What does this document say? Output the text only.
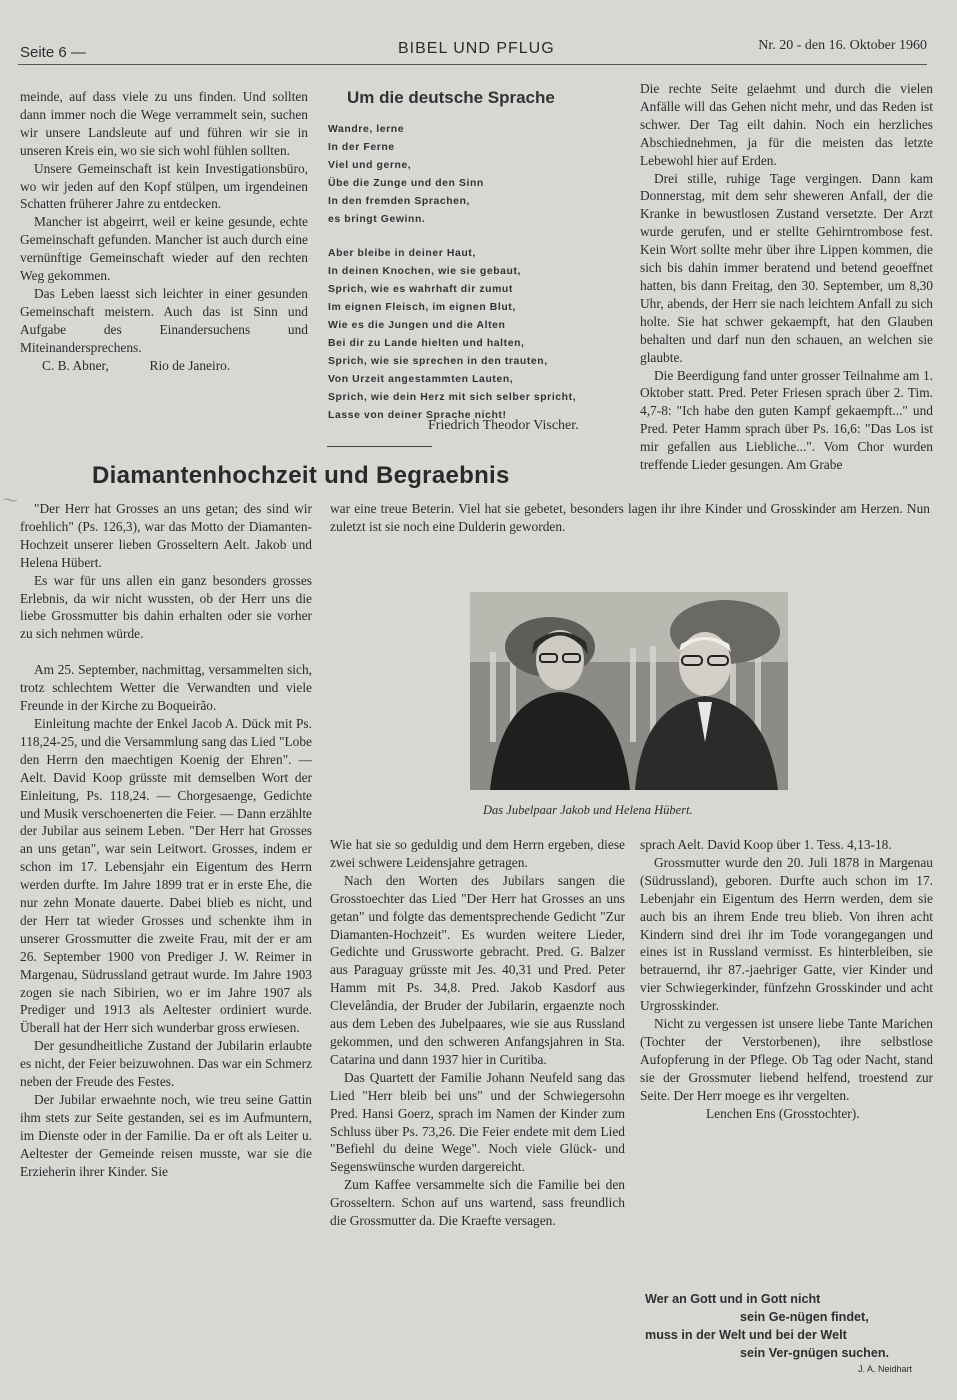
Seite 6 —	BIBEL UND PFLUG	Nr. 20 - den 16. Oktober 1960

meinde, auf dass viele zu uns finden. Und sollten dann immer noch die Wege verrammelt sein, suchen wir unsere Landsleute auf und führen wir sie in unseren Kreis ein, wo sie sich wohl fühlen sollten.

Unsere Gemeinschaft ist kein Investigationsbüro, wo wir jeden auf den Kopf stülpen, um irgendeinen Schatten früherer Jahre zu entdecken.

Mancher ist abgeirrt, weil er keine gesunde, echte Gemeinschaft gefunden. Mancher ist auch durch eine vernünftige Gemeinschaft wieder auf den rechten Weg gekommen.

Das Leben laesst sich leichter in einer gesunden Gemeinschaft meistern. Auch das ist Sinn und Aufgabe des Einandersuchens und Miteinandersprechens.

C. B. Abner,	Rio de Janeiro.

Um die deutsche Sprache
Wandre, lerne
In der Ferne
Viel und gerne,
Übe die Zunge und den Sinn
In den fremden Sprachen,
es bringt Gewinn.
Aber bleibe in deiner Haut,
In deinen Knochen, wie sie gebaut,
Sprich, wie es wahrhaft dir zumut
Im eignen Fleisch, im eignen Blut,
Wie es die Jungen und die Alten
Bei dir zu Lande hielten und halten,
Sprich, wie sie sprechen in den trauten,
Von Urzeit angestammten Lauten,
Sprich, wie dein Herz mit sich selber spricht,
Lasse von deiner Sprache nicht!
Friedrich Theodor Vischer.

Die rechte Seite gelaehmt und durch die vielen Anfälle will das Gehen nicht mehr, und das Reden ist schwer. Der Tag eilt dahin. Noch ein herzliches Abschiednehmen, ja für die meisten das letzte Lebewohl hier auf Erden.

Drei stille, ruhige Tage vergingen. Dann kam Donnerstag, mit dem sehr sheweren Anfall, der die Kranke in bewustlosen Zustand versetzte. Der Arzt wurde gerufen, und er stellte Gehirntrombose fest. Kein Wort sollte mehr über ihre Lippen kommen, die sich bis dahin immer beratend und betend geoeffnet hatten, bis dann Freitag, den 30. September, um 8,30 Uhr, abends, der Herr sie nach leichtem Anfall zu sich holte. Sie hat schwer gekaempft, hat den Glauben behalten und darf nun den schauen, an welchen sie glaubte.

Die Beerdigung fand unter grosser Teilnahme am 1. Oktober statt. Pred. Peter Friesen sprach über 2. Tim. 4,7-8: "Ich habe den guten Kampf gekaempft..." und Pred. Peter Hamm sprach über Ps. 16,6: "Das Los ist mir gefallen aus Liebliche...". Vom Chor wurden treffende Lieder gesungen. Am Grabe

〜
Diamantenhochzeit und Begraebnis

"Der Herr hat Grosses an uns getan; des sind wir froehlich" (Ps. 126,3), war das Motto der Diamanten-Hochzeit unserer lieben Grosseltern Aelt. Jakob und Helena Hübert.

Es war für uns allen ein ganz besonders grosses Erlebnis, da wir nicht wussten, ob der Herr uns die liebe Grossmutter bis dahin erhalten oder sie vorher zu sich nehmen würde.

Am 25. September, nachmittag, versammelten sich, trotz schlechtem Wetter die Verwandten und viele Freunde in der Kirche zu Boqueirão.

Einleitung machte der Enkel Jacob A. Dück mit Ps. 118,24-25, und die Versammlung sang das Lied "Lobe den Herrn den maechtigen Koenig der Ehren". — Aelt. David Koop grüsste mit demselben Wort der Einleitung, Ps. 118,24. — Chorgesaenge, Gedichte und Musik verschoenerten die Feier. — Dann erzählte der Jubilar aus seinem Leben. "Der Herr hat Grosses an uns getan", war sein Leitwort. Grosses, indem er schon im 17. Lebensjahr ein Eigentum des Herrn werden durfte. Im Jahre 1899 trat er in erste Ehe, die nur zehn Monate dauerte. Dabei blieb es nicht, und der Herr tat wieder Grosses und schenkte ihm in unserer Grossmutter die zweite Frau, mit der er am 26. September 1900 von Prediger J. W. Reimer in Margenau, Südrussland getraut wurde. Im Jahre 1903 zogen sie nach Sibirien, wo er im Jahre 1907 als Prediger und 1913 als Aeltester ordiniert wurde. Überall hat der Herr sich wunderbar gross erwiesen.

Der gesundheitliche Zustand der Jubilarin erlaubte es nicht, der Feier beizuwohnen. Das war ein Schmerz neben der Freude des Festes.

Der Jubilar erwaehnte noch, wie treu seine Gattin ihm stets zur Seite gestanden, sei es im Aufmuntern, im Dienste oder in der Familie. Da er oft als Leiter u. Aeltester der Gemeinde reisen musste, war sie die Erzieherin ihrer Kinder. Sie

war eine treue Beterin. Viel hat sie gebetet, besonders lagen ihr ihre Kinder und Grosskinder am Herzen. Nun zuletzt ist sie noch eine Dulderin geworden.

Das Jubelpaar Jakob und Helena Hübert.

Wie hat sie so geduldig und dem Herrn ergeben, diese zwei schwere Leidensjahre getragen.

Nach den Worten des Jubilars sangen die Grosstoechter das Lied "Der Herr hat Grosses an uns getan" und folgte das dementsprechende Gedicht "Zur Diamanten-Hochzeit". Es wurden weitere Lieder, Gedichte und Grussworte gebracht. Pred. G. Balzer aus Paraguay grüsste mit Jes. 40,31 und Pred. Peter Hamm mit Ps. 34,8. Pred. Jakob Kasdorf aus Clevelândia, der Bruder der Jubilarin, ergaenzte noch aus dem Leben des Jubelpaares, wie sie aus Russland gekommen, und den schweren Anfangsjahren in Sta. Catarina und dann 1937 hier in Curitiba.

Das Quartett der Familie Johann Neufeld sang das Lied "Herr bleib bei uns" und der Schwiegersohn Pred. Hansi Goerz, sprach im Namen der Kinder zum Schluss über Ps. 73,26. Die Feier endete mit dem Lied "Befiehl du deine Wege". Noch viele Glück- und Segenswünsche wurden dargereicht.

Zum Kaffee versammelte sich die Familie bei den Grosseltern. Schon auf uns wartend, sass freundlich die Grossmutter da. Die Kraefte versagen.

sprach Aelt. David Koop über 1. Tess. 4,13-18.

Grossmutter wurde den 20. Juli 1878 in Margenau (Südrussland), geboren. Durfte auch schon im 17. Lebenjahr ein Eigentum des Herrn werden, dem sie auch bis an ihrem Ende treu blieb. Von ihren acht Kindern sind drei ihr im Tode vorangegangen und eines ist in Russland vermisst. Es hinterbleiben, sie betrauernd, ihr 87.-jaehriger Gatte, vier Kinder und vier Schwiegerkinder, fünfzehn Grosskinder und acht Urgrosskinder.

Nicht zu vergessen ist unsere liebe Tante Marichen (Tochter der Verstorbenen), ihre selbstlose Aufopferung in der Pflege. Ob Tag oder Nacht, stand sie der Grossmuter liebend helfend, troestend zur Seite. Der Herr moege es ihr vergelten.

Lenchen Ens (Grosstochter).

Wer an Gott und in Gott nicht
sein Ge-nügen findet,
muss in der Welt und bei der Welt
sein Ver-gnügen suchen.
J. A. Neidhart
